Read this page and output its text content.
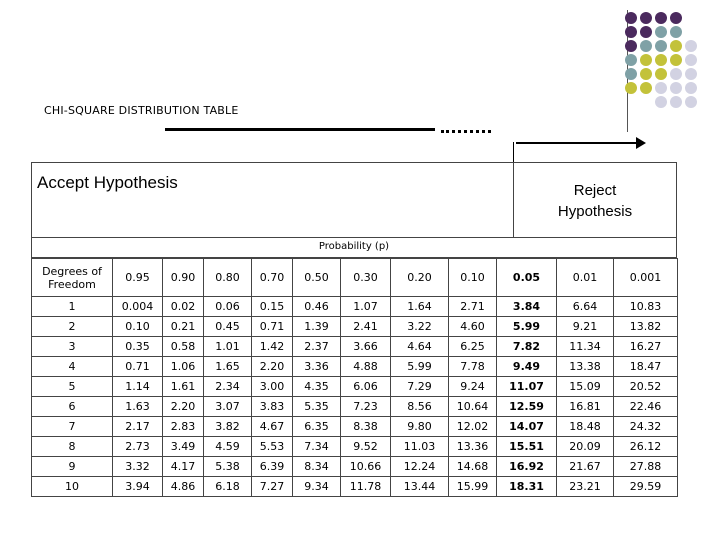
CHI-SQUARE DISTRIBUTION TABLE
Accept Hypothesis	Reject
Hypothesis
Probability (p)
Degrees of
Freedom	0.95	0.90	0.80	0.70	0.50	0.30	0.20	0.10	0.05	0.01	0.001
1	0.004	0.02	0.06	0.15	0.46	1.07	1.64	2.71	3.84	6.64	10.83
2	0.10	0.21	0.45	0.71	1.39	2.41	3.22	4.60	5.99	9.21	13.82
3	0.35	0.58	1.01	1.42	2.37	3.66	4.64	6.25	7.82	11.34	16.27
4	0.71	1.06	1.65	2.20	3.36	4.88	5.99	7.78	9.49	13.38	18.47
5	1.14	1.61	2.34	3.00	4.35	6.06	7.29	9.24	11.07	15.09	20.52
6	1.63	2.20	3.07	3.83	5.35	7.23	8.56	10.64	12.59	16.81	22.46
7	2.17	2.83	3.82	4.67	6.35	8.38	9.80	12.02	14.07	18.48	24.32
8	2.73	3.49	4.59	5.53	7.34	9.52	11.03	13.36	15.51	20.09	26.12
9	3.32	4.17	5.38	6.39	8.34	10.66	12.24	14.68	16.92	21.67	27.88
10	3.94	4.86	6.18	7.27	9.34	11.78	13.44	15.99	18.31	23.21	29.59
